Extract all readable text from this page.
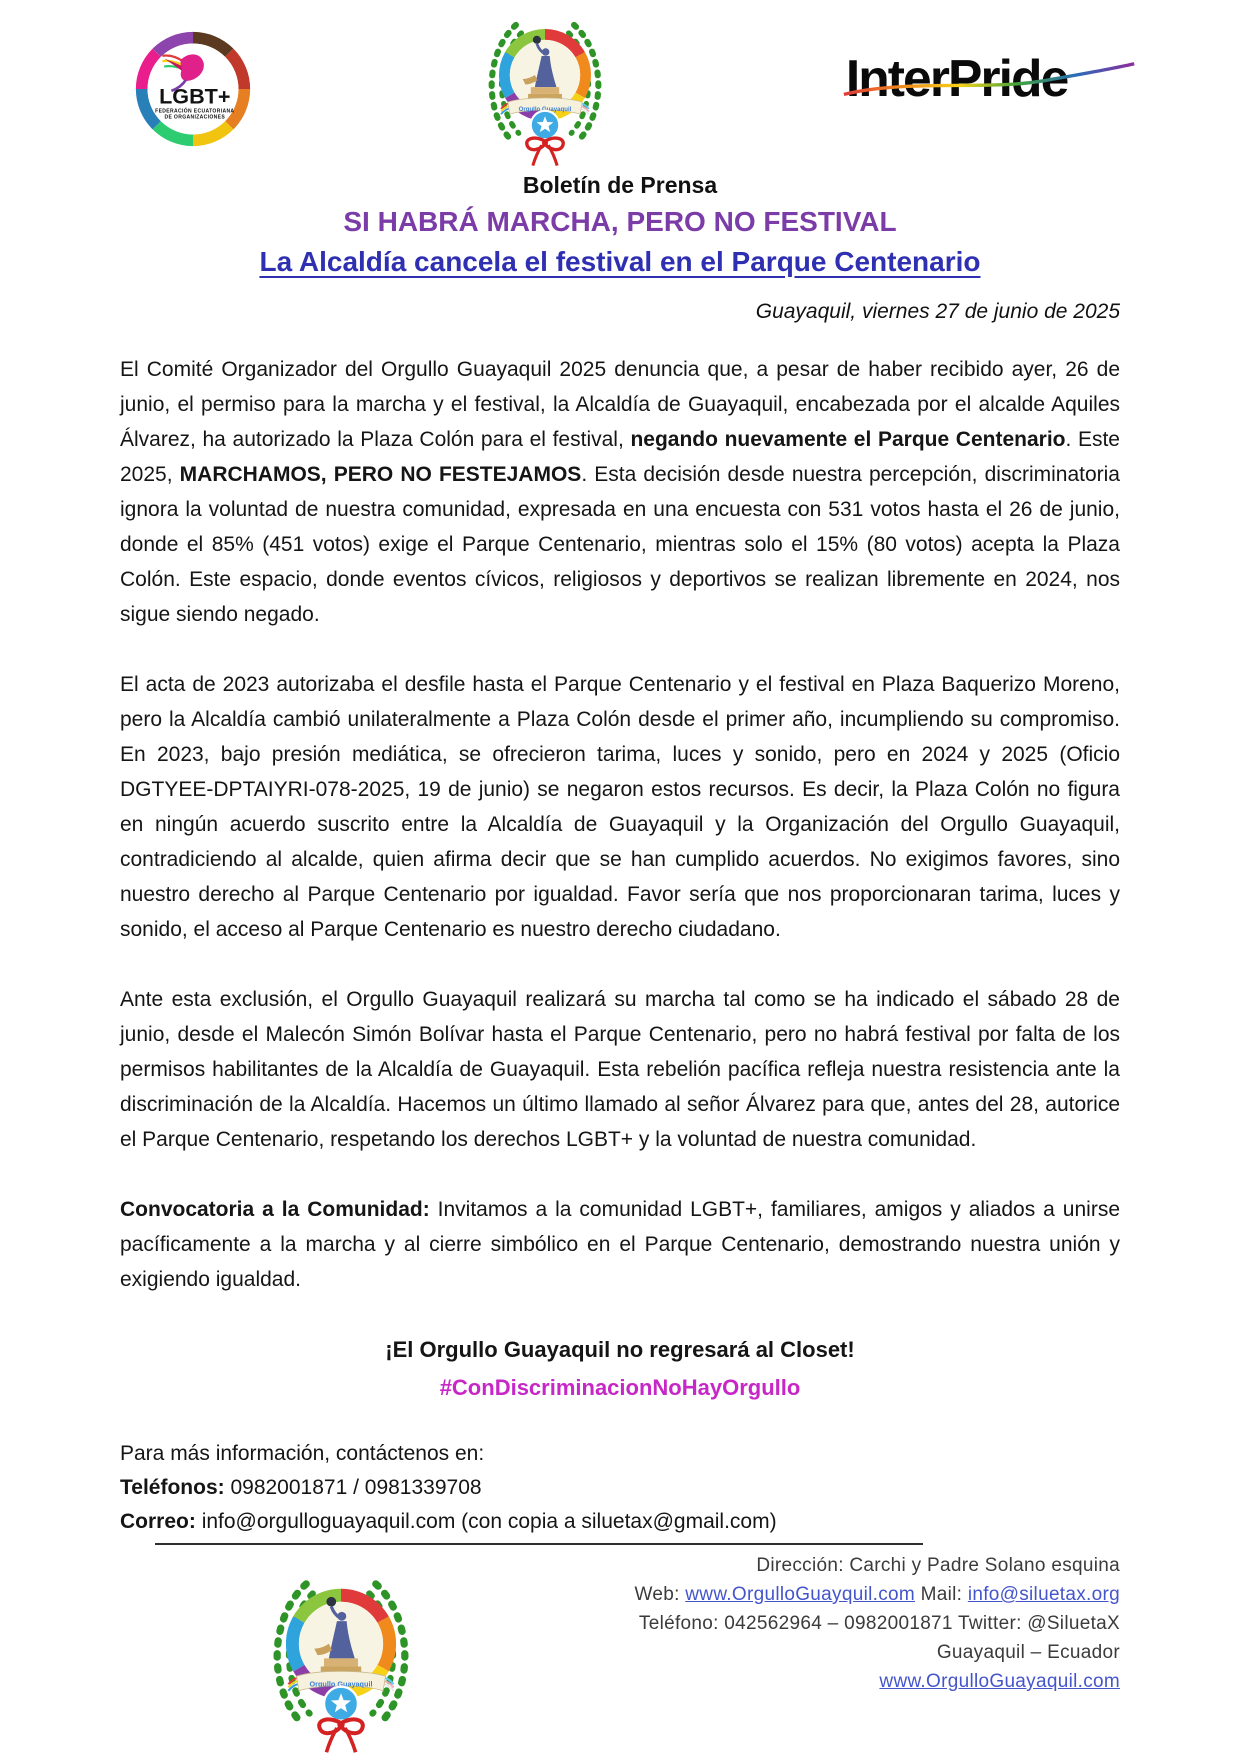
LGBT+
FEDERACIÓN ECUATORIANA
DE ORGANIZACIONES
InterPride
Boletín de Prensa
SI HABRÁ MARCHA, PERO NO FESTIVAL
La Alcaldía cancela el festival en el Parque Centenario
Guayaquil, viernes 27 de junio de 2025

El Comité Organizador del Orgullo Guayaquil 2025 denuncia que, a pesar de haber recibido ayer, 26 de junio, el permiso para la marcha y el festival, la Alcaldía de Guayaquil, encabezada por el alcalde Aquiles Álvarez, ha autorizado la Plaza Colón para el festival, negando nuevamente el Parque Centenario. Este 2025, MARCHAMOS, PERO NO FESTEJAMOS. Esta decisión desde nuestra percepción, discriminatoria ignora la voluntad de nuestra comunidad, expresada en una encuesta con 531 votos hasta el 26 de junio, donde el 85% (451 votos) exige el Parque Centenario, mientras solo el 15% (80 votos) acepta la Plaza Colón. Este espacio, donde eventos cívicos, religiosos y deportivos se realizan libremente en 2024, nos sigue siendo negado.

El acta de 2023 autorizaba el desfile hasta el Parque Centenario y el festival en Plaza Baquerizo Moreno, pero la Alcaldía cambió unilateralmente a Plaza Colón desde el primer año, incumpliendo su compromiso. En 2023, bajo presión mediática, se ofrecieron tarima, luces y sonido, pero en 2024 y 2025 (Oficio DGTYEE-DPTAIYRI-078-2025, 19 de junio) se negaron estos recursos. Es decir, la Plaza Colón no figura en ningún acuerdo suscrito entre la Alcaldía de Guayaquil y la Organización del Orgullo Guayaquil, contradiciendo al alcalde, quien afirma decir que se han cumplido acuerdos. No exigimos favores, sino nuestro derecho al Parque Centenario por igualdad. Favor sería que nos proporcionaran tarima, luces y sonido, el acceso al Parque Centenario es nuestro derecho ciudadano.

Ante esta exclusión, el Orgullo Guayaquil realizará su marcha tal como se ha indicado el sábado 28 de junio, desde el Malecón Simón Bolívar hasta el Parque Centenario, pero no habrá festival por falta de los permisos habilitantes de la Alcaldía de Guayaquil. Esta rebelión pacífica refleja nuestra resistencia ante la discriminación de la Alcaldía. Hacemos un último llamado al señor Álvarez para que, antes del 28, autorice el Parque Centenario, respetando los derechos LGBT+ y la voluntad de nuestra comunidad.

Convocatoria a la Comunidad: Invitamos a la comunidad LGBT+, familiares, amigos y aliados a unirse pacíficamente a la marcha y al cierre simbólico en el Parque Centenario, demostrando nuestra unión y exigiendo igualdad.

¡El Orgullo Guayaquil no regresará al Closet!
#ConDiscriminacionNoHayOrgullo
Para más información, contáctenos en:
Teléfonos: 0982001871 / 0981339708
Correo: info@orgulloguayaquil.com (con copia a siluetax@gmail.com)
Dirección: Carchi y Padre Solano esquina
Web: www.OrgulloGuayquil.com Mail: info@siluetax.org
Teléfono: 042562964 – 0982001871 Twitter: @SiluetaX
Guayaquil – Ecuador
www.OrgulloGuayaquil.com
